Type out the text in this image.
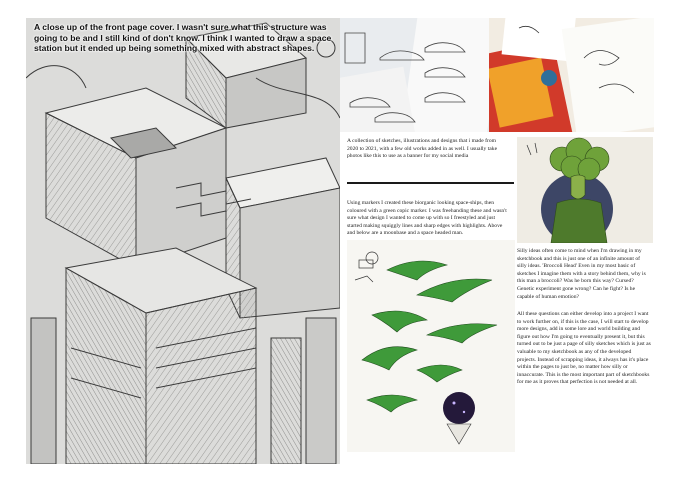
A close up of the front page cover. I wasn't sure what this structure was going to be and I still kind of don't know. I think I wanted to draw a space station but it ended up being something mixed with abstract shapes.

A collection of sketches, illustrations and designs that i made from 2020 to 2021, with a few old works added in as well. I usually take photos like this to use as a banner for my social media

Using markers I created these biorganic looking space-ships, then coloured with a green copic marker. I was freehanding these and wasn't sure what design I wanted to come up with so I freestyled and just started making squiggly lines and sharp edges with highlights. Above and below are a moonbase and a space headed man.

Silly ideas often come to mind when I'm drawing in my sketchbook and this is just one of an infinite amount of silly ideas. 'Broccoli Head' Even in my most basic of sketches I imagine them with a story behind them, why is this man a broccoli? Was he born this way? Cursed? Genetic experiment gone wrong? Can he fight? Is he capable of human emotion?

All these questions can either develop into a project I want to work further on, if this is the case, I will start to develop more designs, add in some lore and world building and figure out how I'm going to eventually present it, but this turned out to be just a page of silly sketches which is just as valuable to my sketchbook as any of the developed projects. Instead of scrapping ideas, it always has it's place within the pages to just be, no matter how silly or innaccurate. This is the most important part of sketchbooks for me as it proves that perfection is not needed at all.
